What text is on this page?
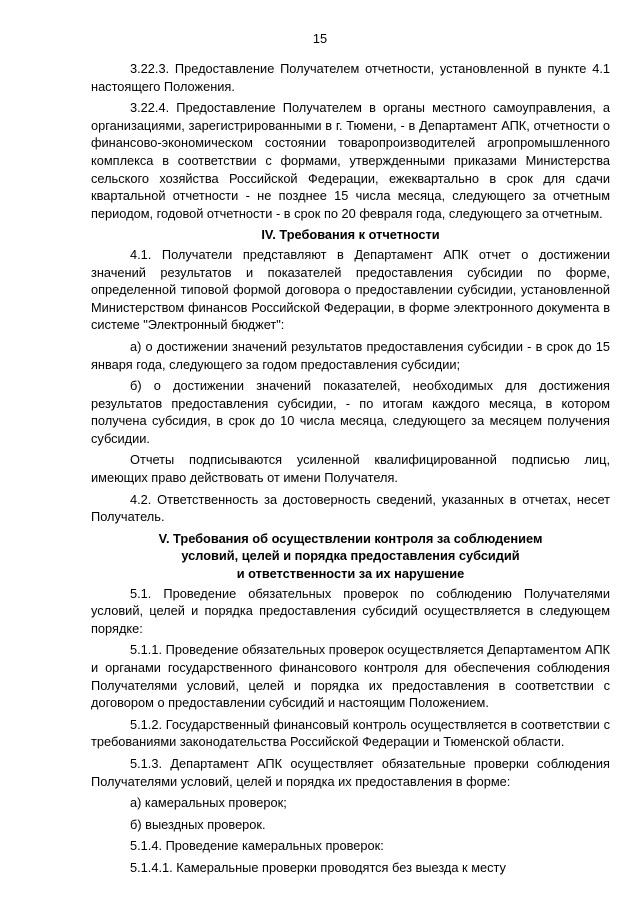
15

3.22.3. Предоставление Получателем отчетности, установленной в пункте 4.1 настоящего Положения.

3.22.4. Предоставление Получателем в органы местного самоуправления, а организациями, зарегистрированными в г. Тюмени, - в Департамент АПК, отчетности о финансово-экономическом состоянии товаропроизводителей агропромышленного комплекса в соответствии с формами, утвержденными приказами Министерства сельского хозяйства Российской Федерации, ежеквартально в срок для сдачи квартальной отчетности - не позднее 15 числа месяца, следующего за отчетным периодом, годовой отчетности - в срок по 20 февраля года, следующего за отчетным.

IV. Требования к отчетности

4.1. Получатели представляют в Департамент АПК отчет о достижении значений результатов и показателей предоставления субсидии по форме, определенной типовой формой договора о предоставлении субсидии, установленной Министерством финансов Российской Федерации, в форме электронного документа в системе "Электронный бюджет":

а) о достижении значений результатов предоставления субсидии - в срок до 15 января года, следующего за годом предоставления субсидии;

б) о достижении значений показателей, необходимых для достижения результатов предоставления субсидии, - по итогам каждого месяца, в котором получена субсидия, в срок до 10 числа месяца, следующего за месяцем получения субсидии.

Отчеты подписываются усиленной квалифицированной подписью лиц, имеющих право действовать от имени Получателя.

4.2. Ответственность за достоверность сведений, указанных в отчетах, несет Получатель.

V. Требования об осуществлении контроля за соблюдением
условий, целей и порядка предоставления субсидий
и ответственности за их нарушение

5.1. Проведение обязательных проверок по соблюдению Получателями условий, целей и порядка предоставления субсидий осуществляется в следующем порядке:

5.1.1. Проведение обязательных проверок осуществляется Департаментом АПК и органами государственного финансового контроля для обеспечения соблюдения Получателями условий, целей и порядка их предоставления в соответствии с договором о предоставлении субсидий и настоящим Положением.

5.1.2. Государственный финансовый контроль осуществляется в соответствии с требованиями законодательства Российской Федерации и Тюменской области.

5.1.3. Департамент АПК осуществляет обязательные проверки соблюдения Получателями условий, целей и порядка их предоставления в форме:

а) камеральных проверок;

б) выездных проверок.

5.1.4. Проведение камеральных проверок:

5.1.4.1. Камеральные проверки проводятся без выезда к месту
